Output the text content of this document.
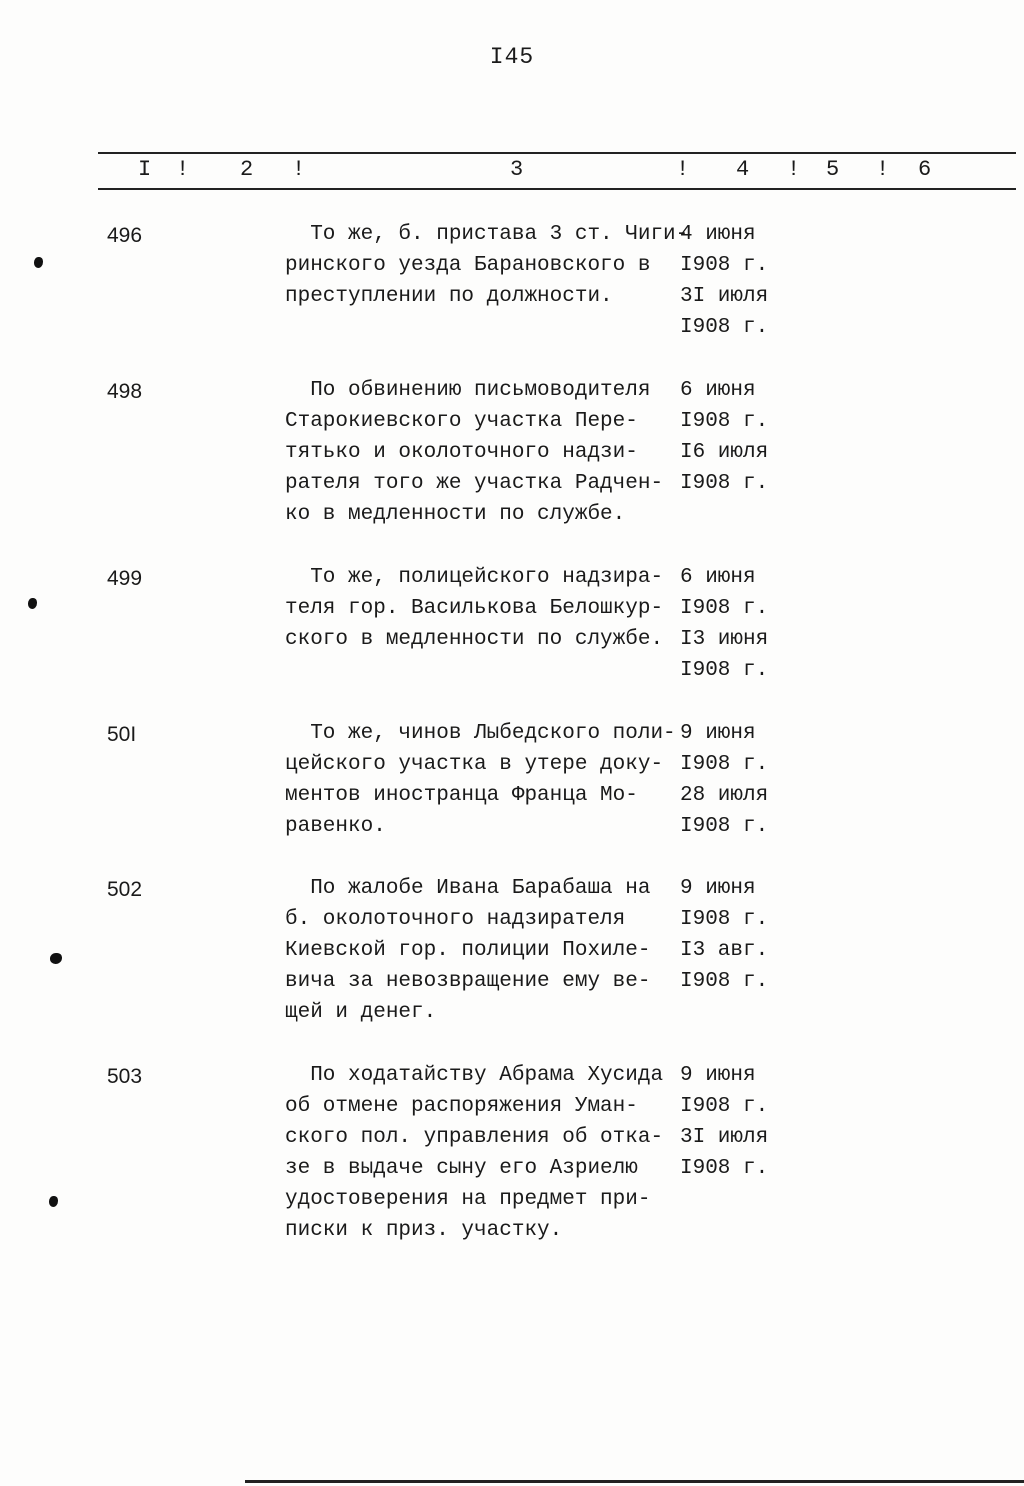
I45
I ! 2 !	3	! 4 ! 5 ! 6
496	То же, б. пристава 3 ст. Чиги-
ринского уезда Барановского в
преступлении по должности.
4 июня
I908 г.
3I июля
I908 г.
498	По обвинению письмоводителя
Старокиевского участка Пере-
тятько и околоточного надзи-
рателя того же участка Радчен-
ко в медленности по службе.
6 июня
I908 г.
I6 июля
I908 г.
499	То же, полицейского надзира-
теля гор. Василькова Белошкур-
ского в медленности по службе.
6 июня
I908 г.
I3 июня
I908 г.
50I	То же, чинов Лыбедского поли-
цейского участка в утере доку-
ментов иностранца Франца Мо-
равенко.
9 июня
I908 г.
28 июля
I908 г.
502	По жалобе Ивана Барабаша на
б. околоточного надзирателя
Киевской гор. полиции Похиле-
вича за невозвращение ему ве-
щей и денег.
9 июня
I908 г.
I3 авг.
I908 г.
503	По ходатайству Абрама Хусида
об отмене распоряжения Уман-
ского пол. управления об отка-
зе в выдаче сыну его Азриелю
удостоверения на предмет при-
писки к приз. участку.
9 июня
I908 г.
3I июля
I908 г.
